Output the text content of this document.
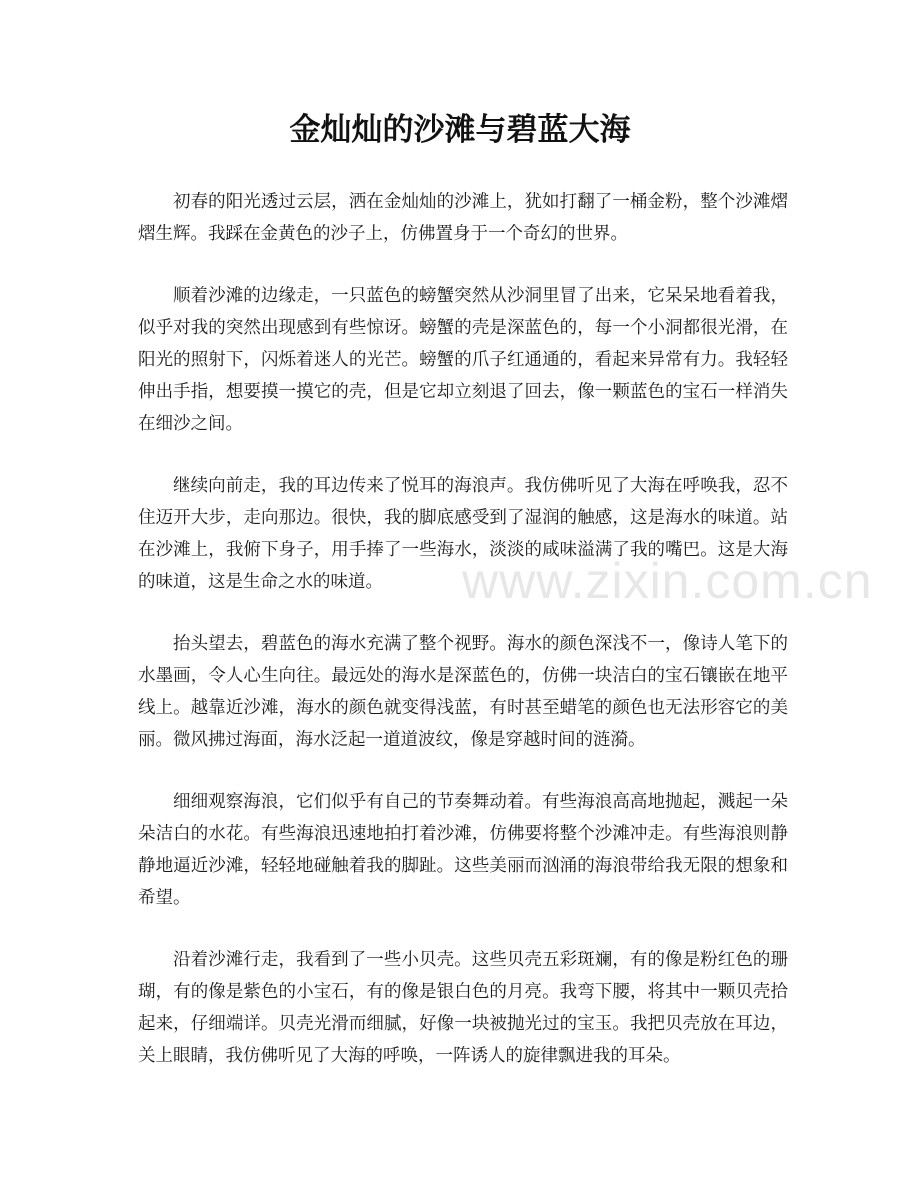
金灿灿的沙滩与碧蓝大海

初春的阳光透过云层，洒在金灿灿的沙滩上，犹如打翻了一桶金粉，整个沙滩熠熠生辉。我踩在金黄色的沙子上，仿佛置身于一个奇幻的世界。

顺着沙滩的边缘走，一只蓝色的螃蟹突然从沙洞里冒了出来，它呆呆地看着我，似乎对我的突然出现感到有些惊讶。螃蟹的壳是深蓝色的，每一个小洞都很光滑，在阳光的照射下，闪烁着迷人的光芒。螃蟹的爪子红通通的，看起来异常有力。我轻轻伸出手指，想要摸一摸它的壳，但是它却立刻退了回去，像一颗蓝色的宝石一样消失在细沙之间。

继续向前走，我的耳边传来了悦耳的海浪声。我仿佛听见了大海在呼唤我，忍不住迈开大步，走向那边。很快，我的脚底感受到了湿润的触感，这是海水的味道。站在沙滩上，我俯下身子，用手捧了一些海水，淡淡的咸味溢满了我的嘴巴。这是大海的味道，这是生命之水的味道。

抬头望去，碧蓝色的海水充满了整个视野。海水的颜色深浅不一，像诗人笔下的水墨画，令人心生向往。最远处的海水是深蓝色的，仿佛一块洁白的宝石镶嵌在地平线上。越靠近沙滩，海水的颜色就变得浅蓝，有时甚至蜡笔的颜色也无法形容它的美丽。微风拂过海面，海水泛起一道道波纹，像是穿越时间的涟漪。

细细观察海浪，它们似乎有自己的节奏舞动着。有些海浪高高地抛起，溅起一朵朵洁白的水花。有些海浪迅速地拍打着沙滩，仿佛要将整个沙滩冲走。有些海浪则静静地逼近沙滩，轻轻地碰触着我的脚趾。这些美丽而汹涌的海浪带给我无限的想象和希望。

沿着沙滩行走，我看到了一些小贝壳。这些贝壳五彩斑斓，有的像是粉红色的珊瑚，有的像是紫色的小宝石，有的像是银白色的月亮。我弯下腰，将其中一颗贝壳拾起来，仔细端详。贝壳光滑而细腻，好像一块被抛光过的宝玉。我把贝壳放在耳边，关上眼睛，我仿佛听见了大海的呼唤，一阵诱人的旋律飘进我的耳朵。

www.zixin.com.cn
